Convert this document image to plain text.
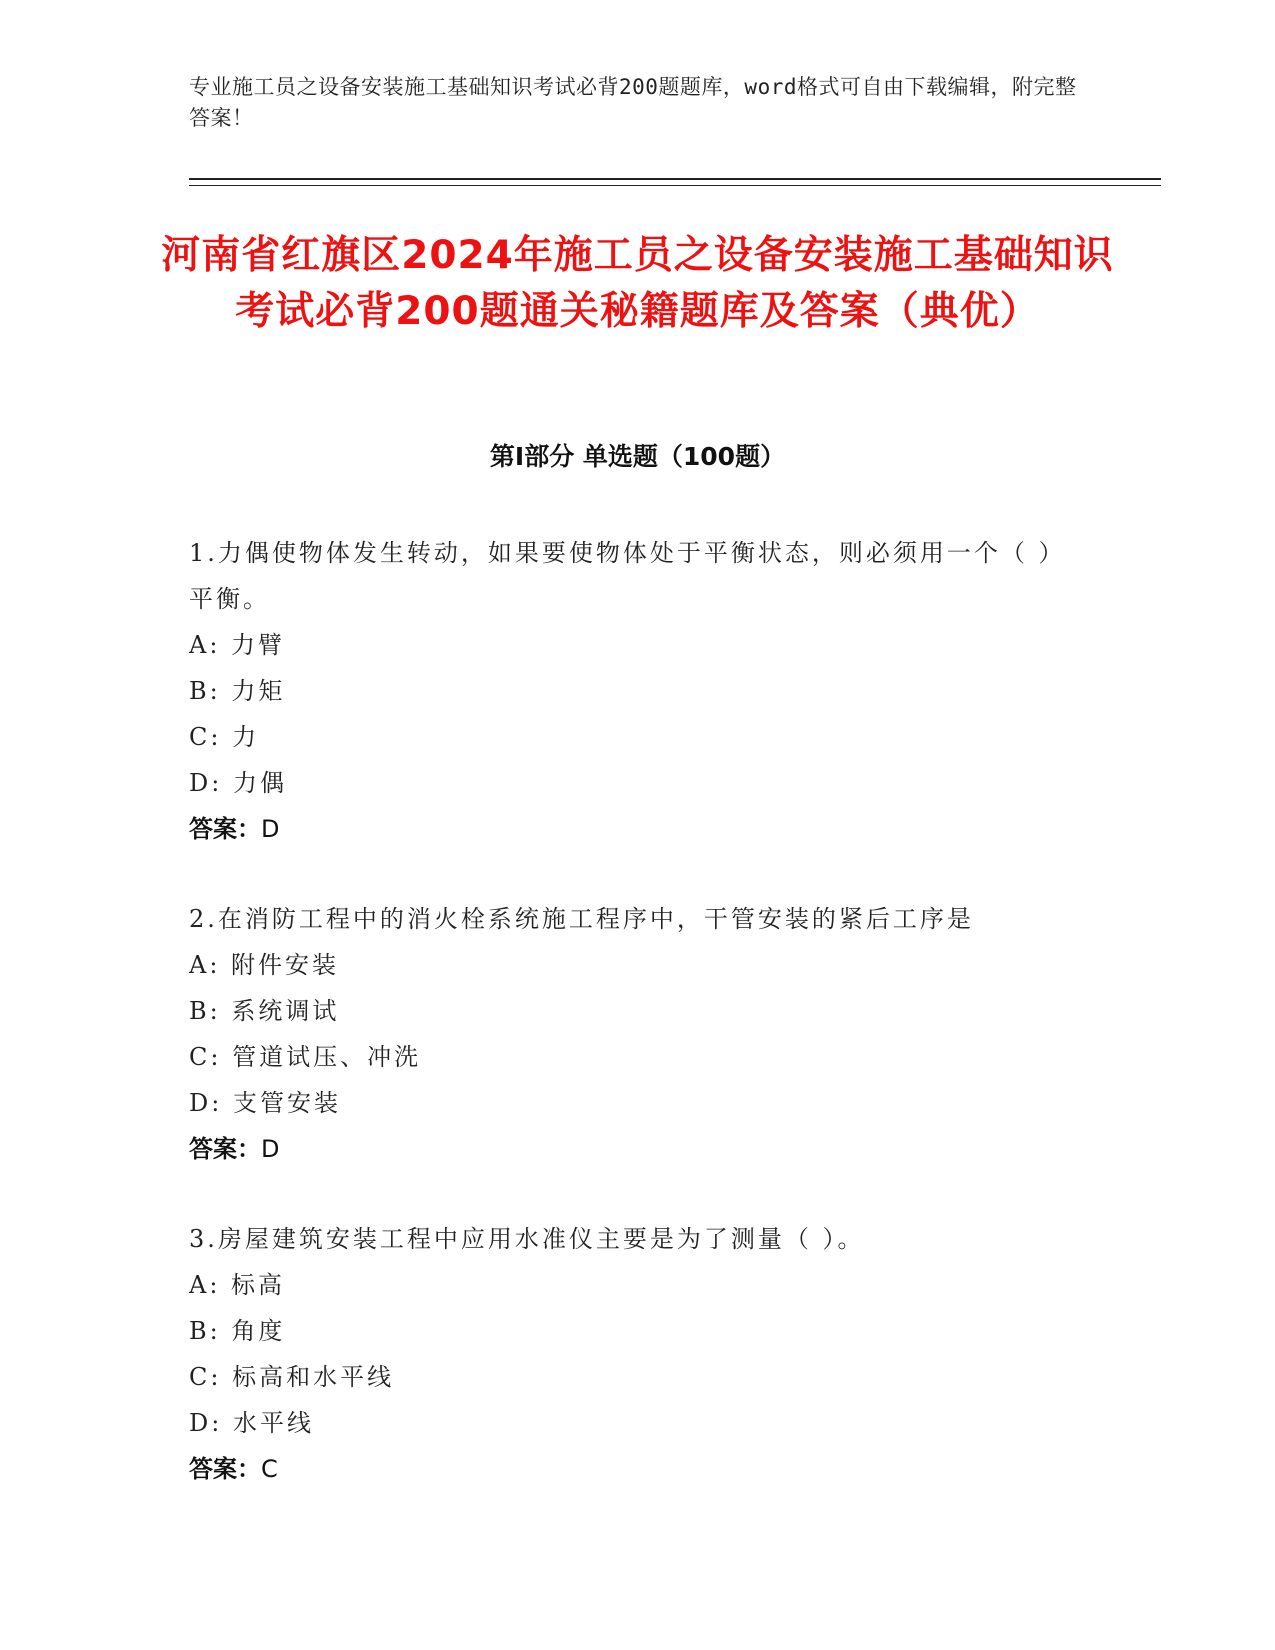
专业施工员之设备安装施工基础知识考试必背200题题库，word格式可自由下载编辑，附完整答案！
河南省红旗区2024年施工员之设备安装施工基础知识考试必背200题通关秘籍题库及答案（典优）
第Ⅰ部分 单选题（100题）
1.力偶使物体发生转动，如果要使物体处于平衡状态，则必须用一个（ ）平衡。
A: 力臂
B: 力矩
C: 力
D: 力偶
答案：D
2.在消防工程中的消火栓系统施工程序中，干管安装的紧后工序是
A: 附件安装
B: 系统调试
C: 管道试压、冲洗
D: 支管安装
答案：D
3.房屋建筑安装工程中应用水准仪主要是为了测量（ ）。
A: 标高
B: 角度
C: 标高和水平线
D: 水平线
答案：C
